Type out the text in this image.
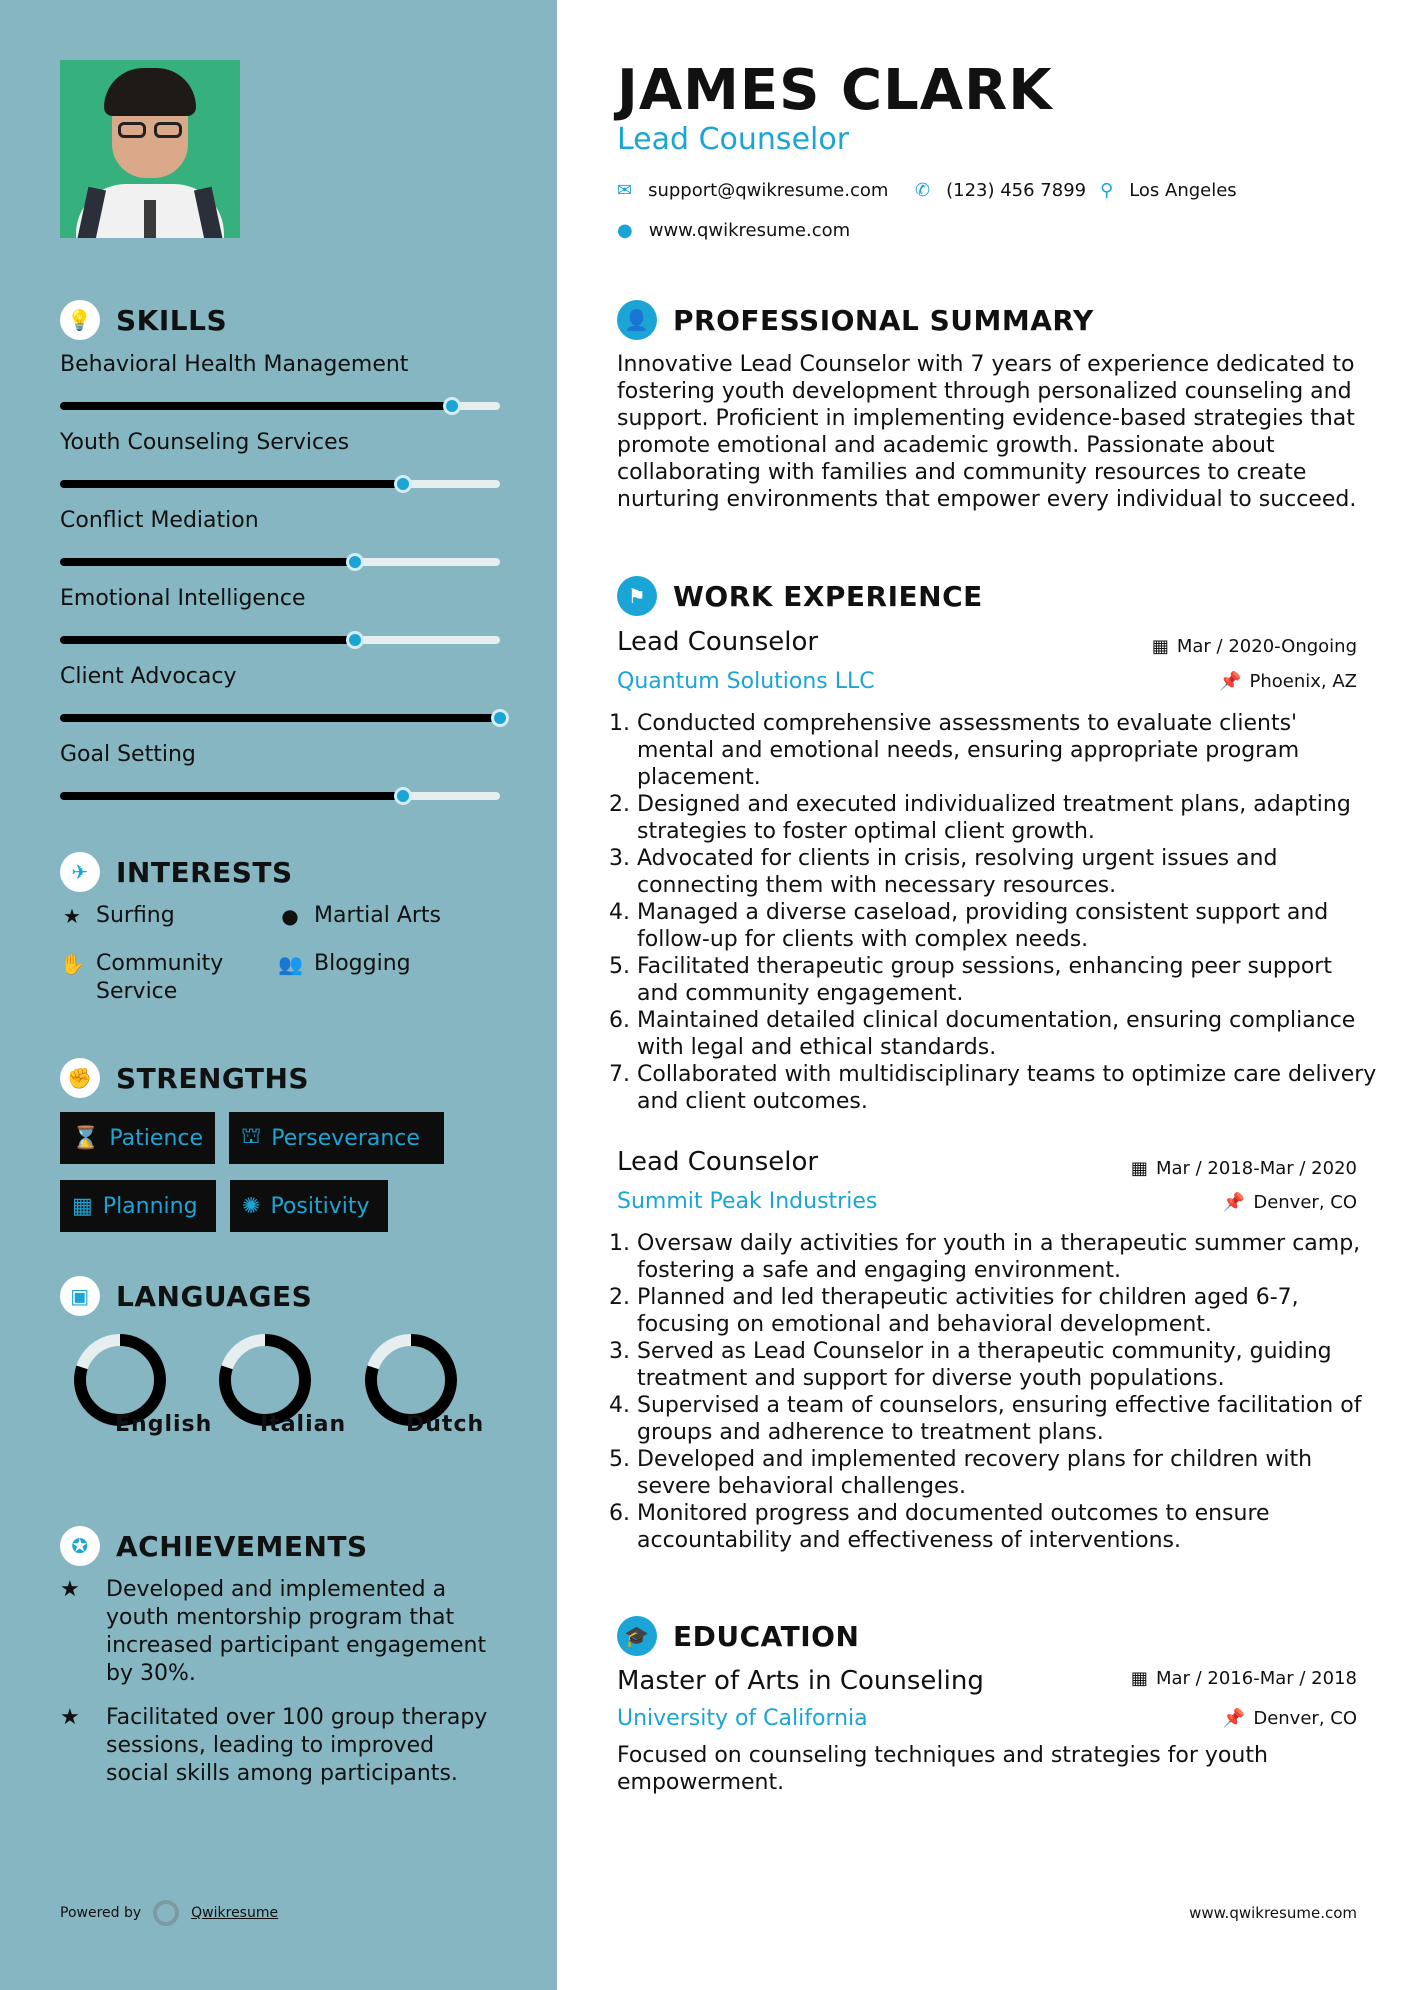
💡 SKILLS
Behavioral Health Management
Youth Counseling Services
Conflict Mediation
Emotional Intelligence
Client Advocacy
Goal Setting
✈ INTERESTS
★ Surfing	● Martial Arts
✋ Community Service
👥 Blogging
✊ STRENGTHS
⌛ Patience ⛫ Perseverance
▦ Planning ✺ Positivity
▣ LANGUAGES
English Italian	Dutch
✪ ACHIEVEMENTS
★	Developed and implemented a youth mentorship program that increased participant engagement by 30%.
★	Facilitated over 100 group therapy sessions, leading to improved social skills among participants.
Powered by	Qwikresume
JAMES CLARK
Lead Counselor
✉ support@qwikresume.com ✆ (123) 456 7899 ⚲ Los Angeles
● www.qwikresume.com
👤 PROFESSIONAL SUMMARY
Innovative Lead Counselor with 7 years of experience dedicated to fostering youth development through personalized counseling and support. Proficient in implementing evidence-based strategies that promote emotional and academic growth. Passionate about collaborating with families and community resources to create nurturing environments that empower every individual to succeed.
⚑ WORK EXPERIENCE
Lead Counselor	▦ Mar / 2020-Ongoing
Quantum Solutions LLC	📌 Phoenix, AZ
1. Conducted comprehensive assessments to evaluate clients' mental and emotional needs, ensuring appropriate program placement.
2. Designed and executed individualized treatment plans, adapting strategies to foster optimal client growth.
3. Advocated for clients in crisis, resolving urgent issues and connecting them with necessary resources.
4. Managed a diverse caseload, providing consistent support and follow-up for clients with complex needs.
5. Facilitated therapeutic group sessions, enhancing peer support and community engagement.
6. Maintained detailed clinical documentation, ensuring compliance with legal and ethical standards.
7. Collaborated with multidisciplinary teams to optimize care delivery and client outcomes.
Lead Counselor	▦ Mar / 2018-Mar / 2020
Summit Peak Industries	📌 Denver, CO
1. Oversaw daily activities for youth in a therapeutic summer camp, fostering a safe and engaging environment.
2. Planned and led therapeutic activities for children aged 6-7, focusing on emotional and behavioral development.
3. Served as Lead Counselor in a therapeutic community, guiding treatment and support for diverse youth populations.
4. Supervised a team of counselors, ensuring effective facilitation of groups and adherence to treatment plans.
5. Developed and implemented recovery plans for children with severe behavioral challenges.
6. Monitored progress and documented outcomes to ensure accountability and effectiveness of interventions.
🎓 EDUCATION
Master of Arts in Counseling	▦ Mar / 2016-Mar / 2018
University of California	📌 Denver, CO
Focused on counseling techniques and strategies for youth empowerment.
www.qwikresume.com
